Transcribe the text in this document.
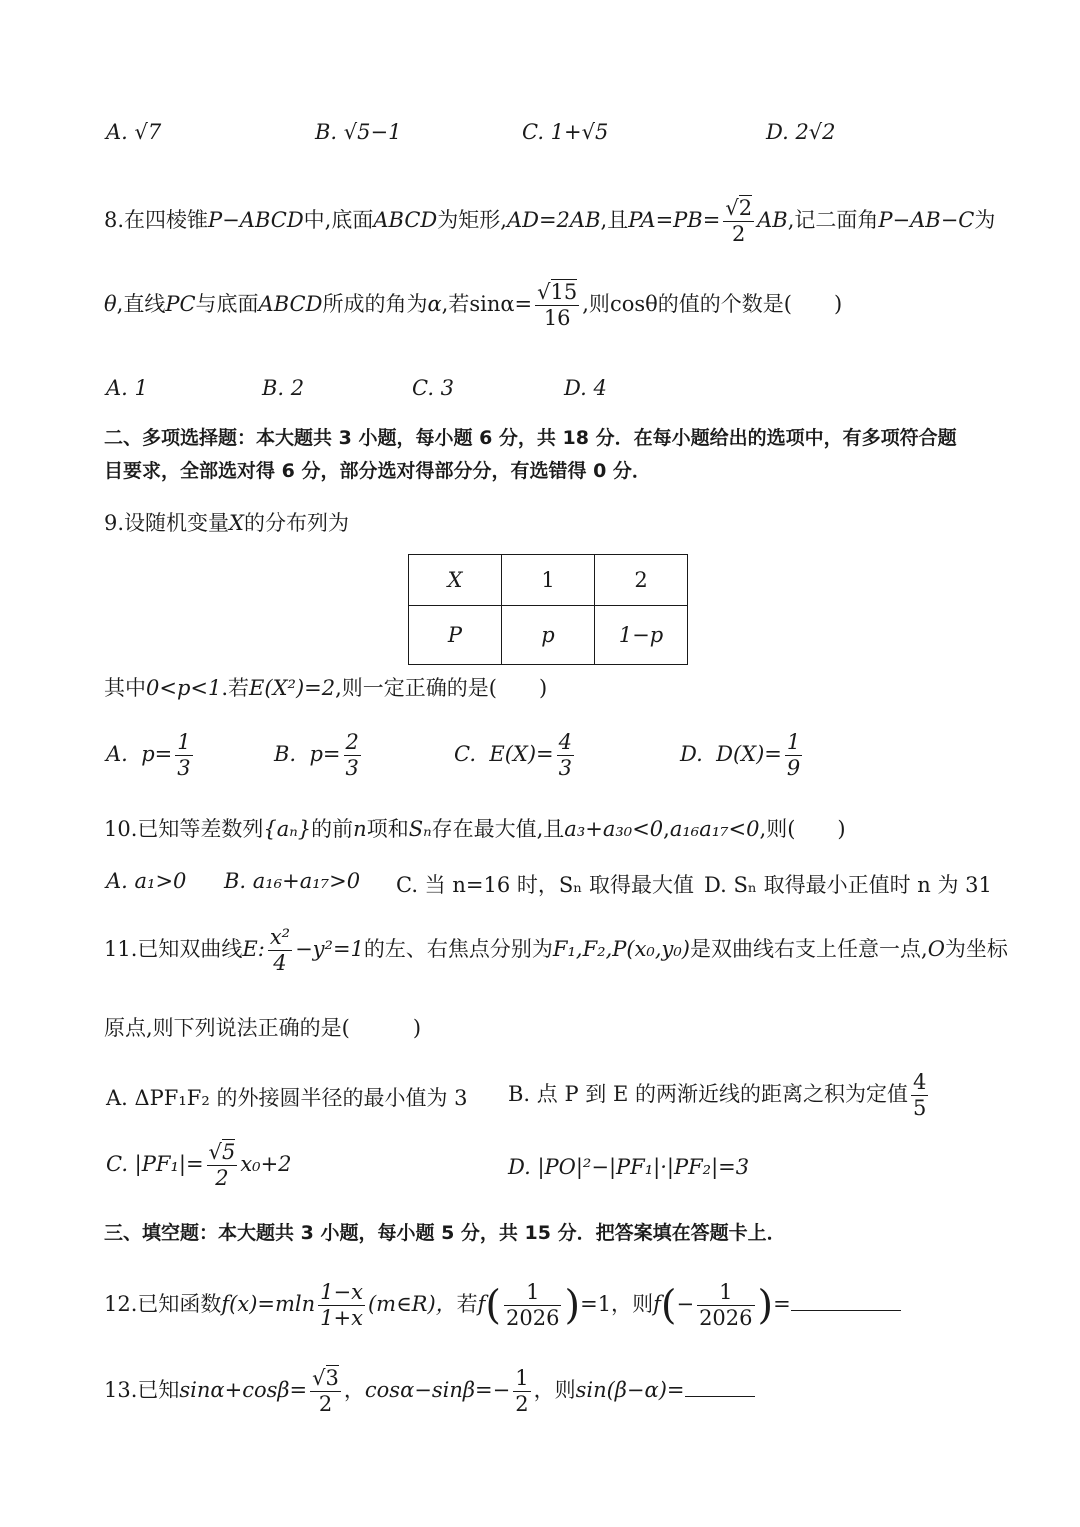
A. √7	B. √5−1	C. 1+√5	D. 2√2
8.在四棱锥P−ABCD中,底面ABCD为矩形,AD=2AB,且$PA=PB= \frac{√2}{2}$ AB,记二面角P−AB−C为
θ,直线PC与底面ABCD所成的角为α,若$\sin\alpha= \frac{√15}{16}$ ,则cosθ的值的个数是(　　)
A. 1	B. 2	C. 3	D. 4
二、多项选择题：本大题共 3 小题，每小题 6 分，共 18 分．在每小题给出的选项中，有多项符合题
目要求，全部选对得 6 分，部分选对得部分分，有选错得 0 分．
9.设随机变量X的分布列为
X	1	2
P	p	1−p
其中0<p<1.若E(X²)=2,则一定正确的是(　　)
A. $p= \frac{1}{3}$	B. $p= \frac{2}{3}$	C. $E(X)= \frac{4}{3}$	D. $D(X)= \frac{1}{9}$
10.已知等差数列{aₙ}的前n项和Sₙ存在最大值,且a₃+a₃₀<0,a₁₆a₁₇<0,则(　　)
A. a₁>0 B. a₁₆+a₁₇>0 C. 当 n=16 时，Sₙ 取得最大值 D. Sₙ 取得最小正值时 n 为 31
11.已知双曲线E: $\frac{\text{x²}}{4} -y^2=1$的左、右焦点分别为F₁,F₂,P(x₀,y₀)是双曲线右支上任意一点,O为坐标
原点,则下列说法正确的是(　　　)
A. ΔPF₁F₂ 的外接圆半径的最小值为 3 B. 点 P 到 E 的两渐近线的距离之积为定值 $\frac{4}{5}$
C. $|PF_1|= \frac{√5}{2} x_0+2$	D. |PO|²−|PF₁|·|PF₂|=3
三、填空题：本大题共 3 小题，每小题 5 分，共 15 分．把答案填在答题卡上．
12.已知函数$f(x)=mln \frac{1-x}{1+x}$ (m∈R)，若$f( \frac{1}{2026} )=1$，则$f(- \frac{1}{2026}$ )=
13.已知$\sin\alpha+\cos\beta= \frac{√3}{2}$ ，$\cos\alpha-\sin\beta=- \frac{1}{2}$ ，则sin(β−α)=
